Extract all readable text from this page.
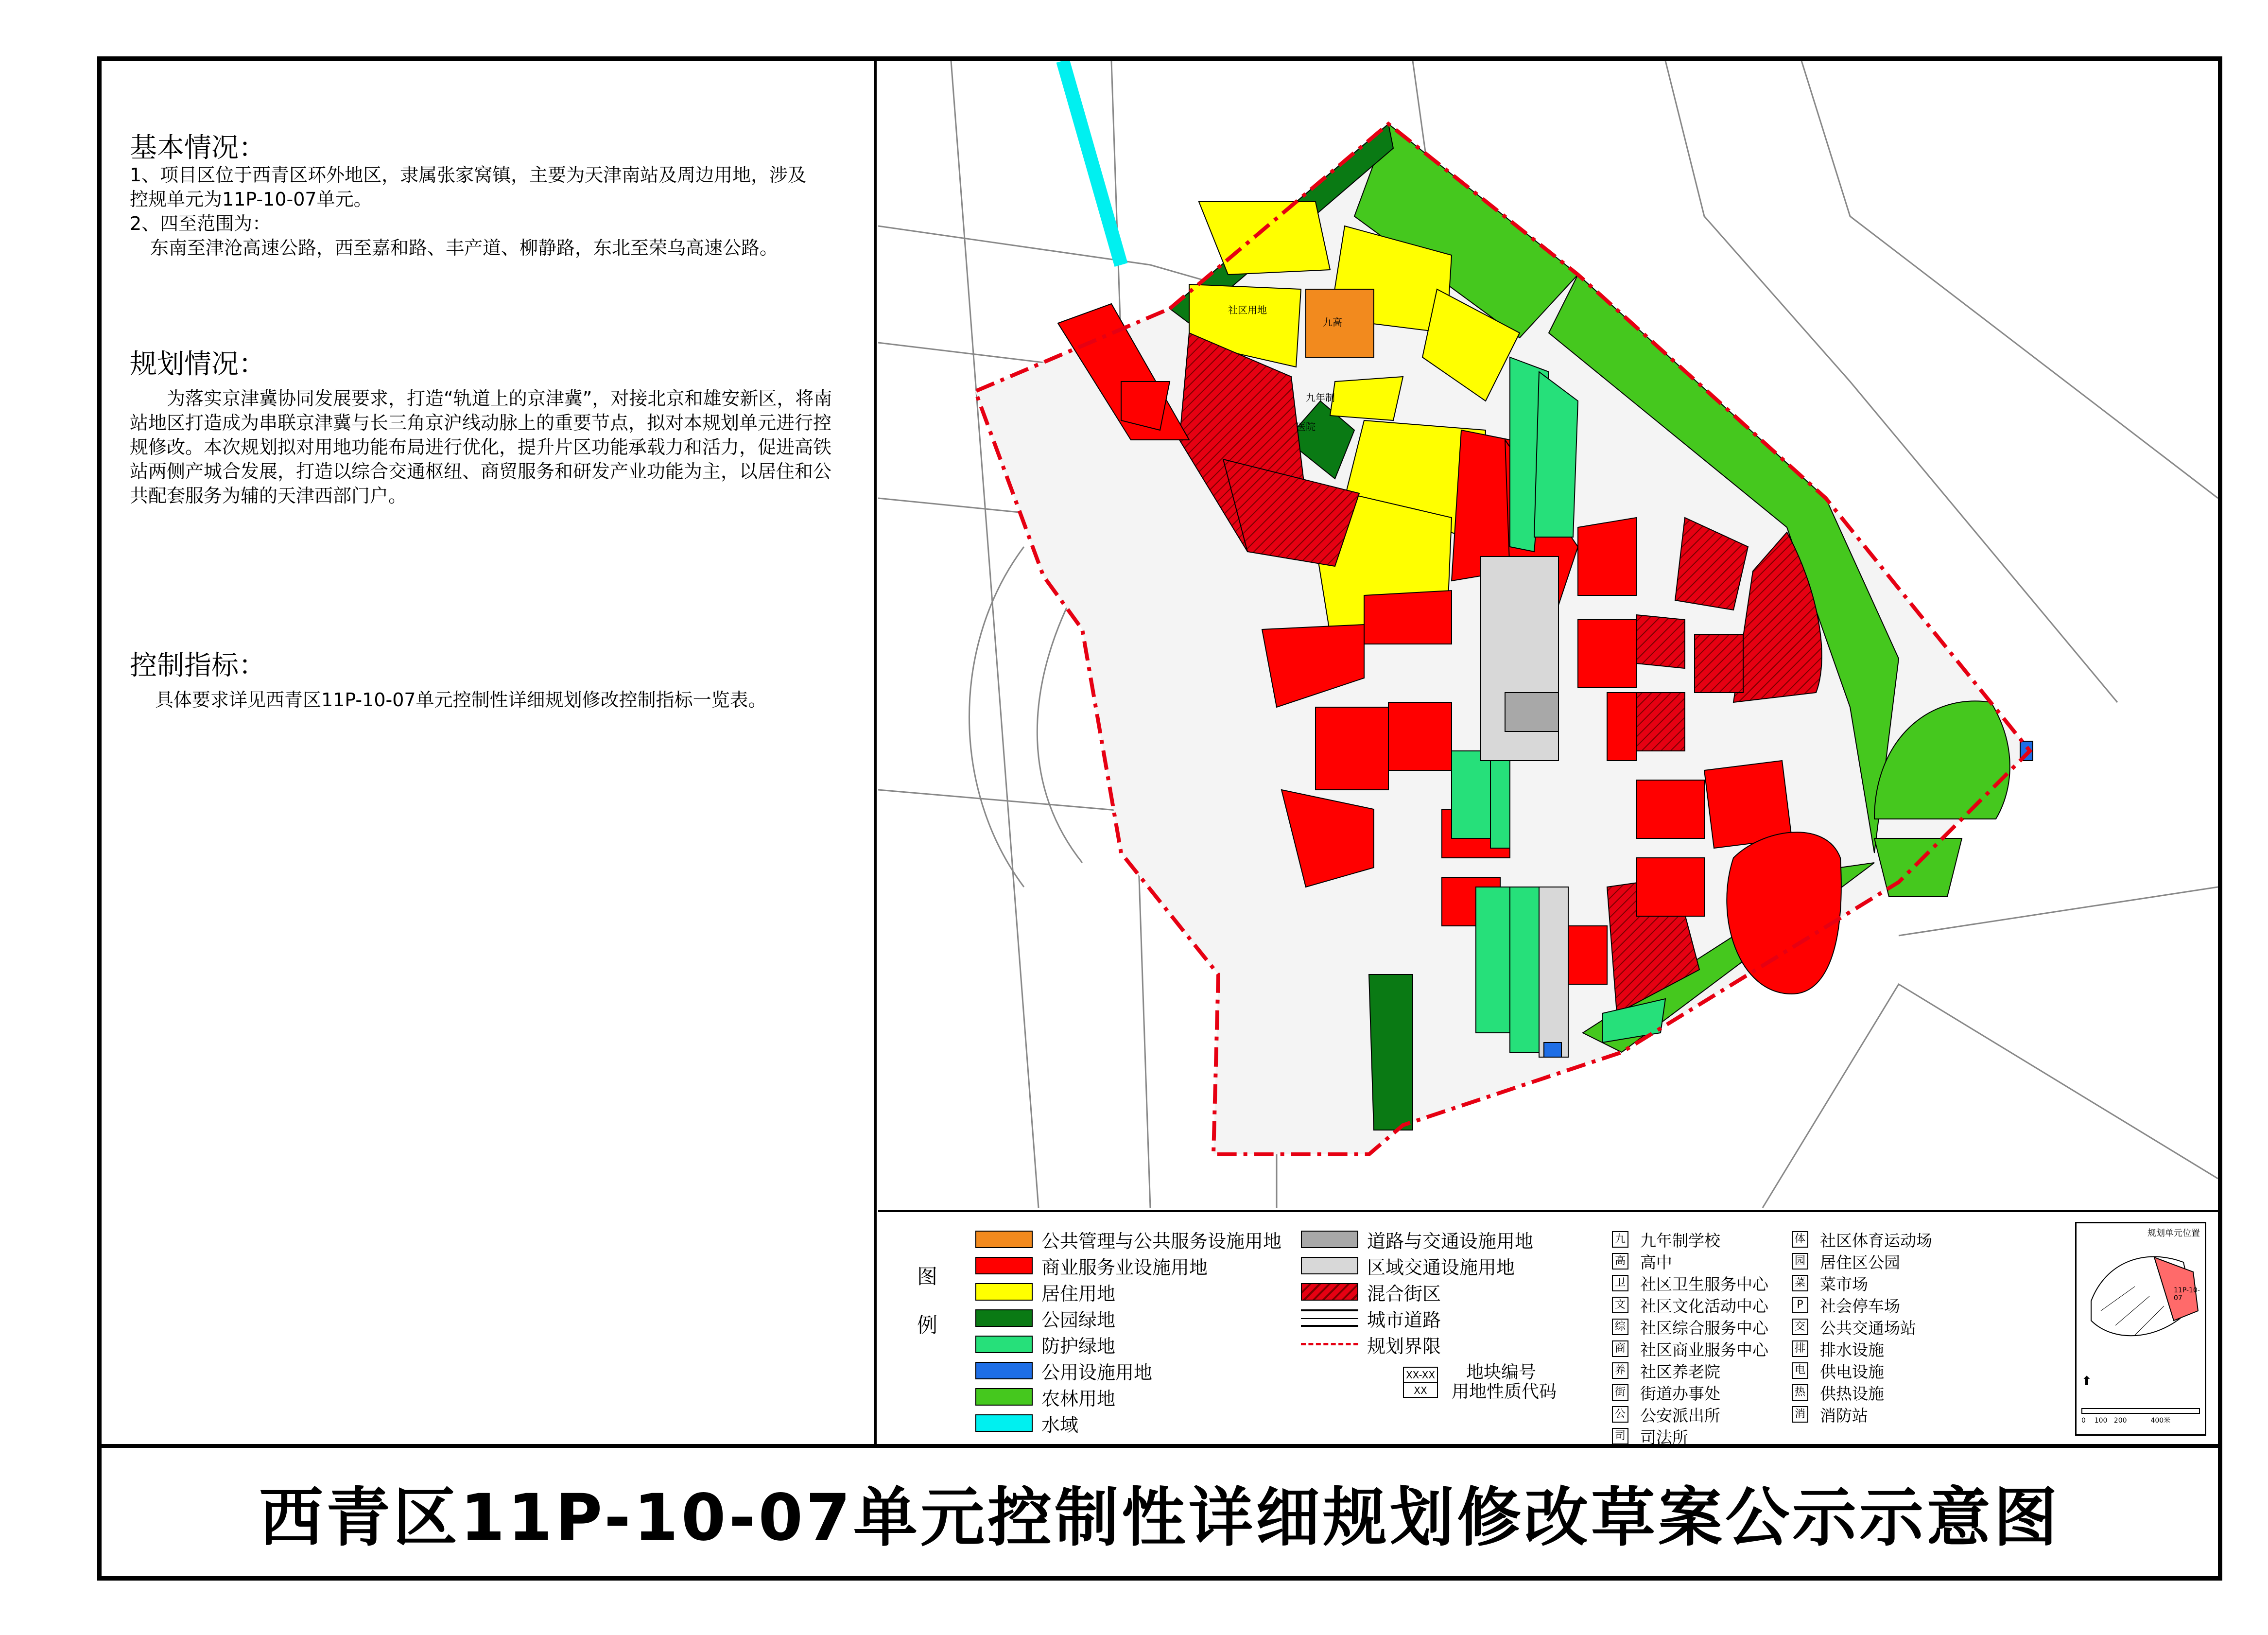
基本情况：

1、项目区位于西青区环外地区，隶属张家窝镇，主要为天津南站及周边用地，涉及

控规单元为11P-10-07单元。

2、四至范围为：

东南至津沧高速公路，西至嘉和路、丰产道、柳静路，东北至荣乌高速公路。

规划情况：

为落实京津冀协同发展要求，打造“轨道上的京津冀”，对接北京和雄安新区，将南站地区打造成为串联京津冀与长三角京沪线动脉上的重要节点，拟对本规划单元进行控规修改。本次规划拟对用地功能布局进行优化，提升片区功能承载力和活力，促进高铁站两侧产城合发展，打造以综合交通枢纽、商贸服务和研发产业功能为主，以居住和公共配套服务为辅的天津西部门户。

控制指标：

具体要求详见西青区11P-10-07单元控制性详细规划修改控制指标一览表。

社区用地
九高
九年制
医院
图
例
公共管理与公共服务设施用地
商业服务业设施用地
居住用地
公园绿地
防护绿地
公用设施用地
农林用地
水域
道路与交通设施用地
区域交通设施用地
混合街区
城市道路
规划界限
XX-XX
XX
地块编号
用地性质代码
九 九年制学校
高 高中
卫 社区卫生服务中心
文 社区文化活动中心
综 社区综合服务中心
商 社区商业服务中心
养 社区养老院
街 街道办事处
公 公安派出所
司 司法所
体 社区体育运动场
园 居住区公园
菜 菜市场
P	社会停车场
交 公共交通场站
排 排水设施
电 供电设施
热 供热设施
消 消防站
规划单元位置
11P-10-07
⬆
0    100   200           400米
西青区11P-10-07单元控制性详细规划修改草案公示示意图
